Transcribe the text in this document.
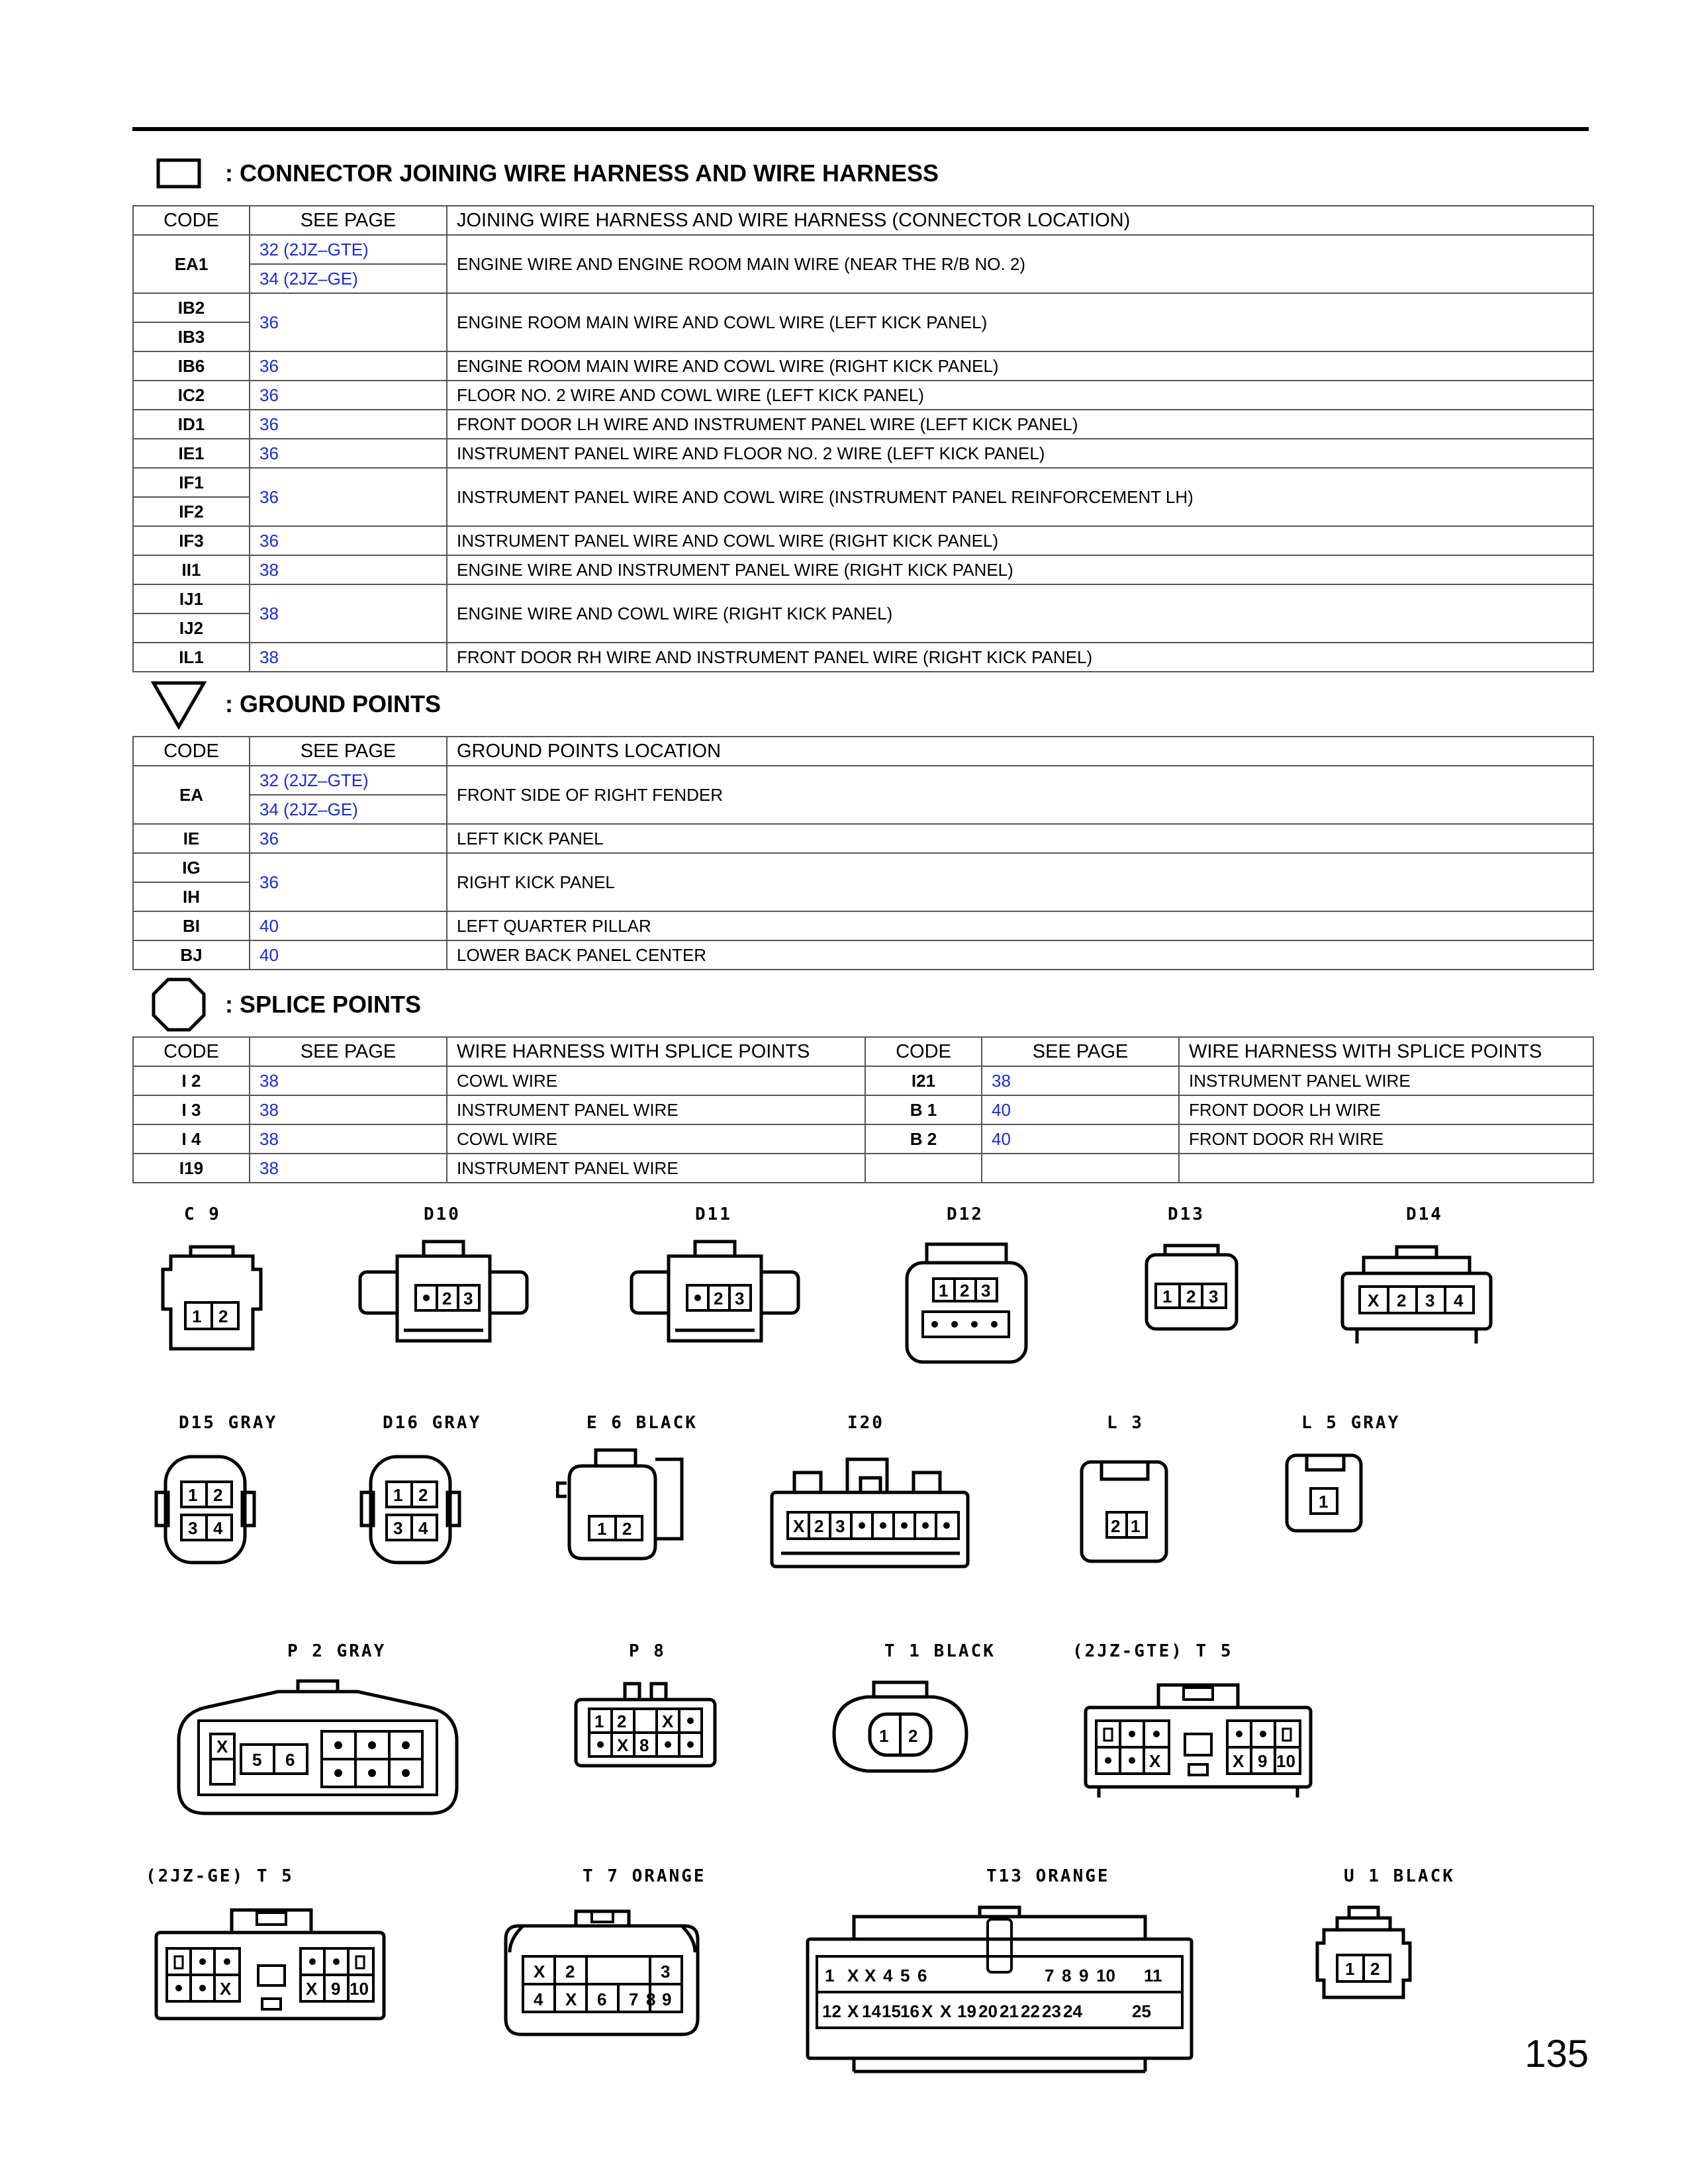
: CONNECTOR JOINING WIRE HARNESS AND WIRE HARNESS
CODE	SEE PAGE	JOINING WIRE HARNESS AND WIRE HARNESS (CONNECTOR LOCATION)
EA1	32 (2JZ–GTE)	ENGINE WIRE AND ENGINE ROOM MAIN WIRE (NEAR THE R/B NO. 2)
	34 (2JZ–GE)	
IB2	36	ENGINE ROOM MAIN WIRE AND COWL WIRE (LEFT KICK PANEL)
IB3		
IB6	36	ENGINE ROOM MAIN WIRE AND COWL WIRE (RIGHT KICK PANEL)
IC2	36	FLOOR NO. 2 WIRE AND COWL WIRE (LEFT KICK PANEL)
ID1	36	FRONT DOOR LH WIRE AND INSTRUMENT PANEL WIRE (LEFT KICK PANEL)
IE1	36	INSTRUMENT PANEL WIRE AND FLOOR NO. 2 WIRE (LEFT KICK PANEL)
IF1	36	INSTRUMENT PANEL WIRE AND COWL WIRE (INSTRUMENT PANEL REINFORCEMENT LH)
IF2		
IF3	36	INSTRUMENT PANEL WIRE AND COWL WIRE (RIGHT KICK PANEL)
II1	38	ENGINE WIRE AND INSTRUMENT PANEL WIRE (RIGHT KICK PANEL)
IJ1	38	ENGINE WIRE AND COWL WIRE (RIGHT KICK PANEL)
IJ2		
IL1	38	FRONT DOOR RH WIRE AND INSTRUMENT PANEL WIRE (RIGHT KICK PANEL)
: GROUND POINTS
CODE	SEE PAGE	GROUND POINTS LOCATION
EA	32 (2JZ–GTE)	FRONT SIDE OF RIGHT FENDER
	34 (2JZ–GE)	
IE	36	LEFT KICK PANEL
IG	36	RIGHT KICK PANEL
IH		
BI	40	LEFT QUARTER PILLAR
BJ	40	LOWER BACK PANEL CENTER
: SPLICE POINTS
CODE	SEE PAGE	WIRE HARNESS WITH SPLICE POINTS	CODE	SEE PAGE	WIRE HARNESS WITH SPLICE POINTS
I 2	38	COWL WIRE	I21	38	INSTRUMENT PANEL WIRE
I 3	38	INSTRUMENT PANEL WIRE	B 1	40	FRONT DOOR LH WIRE
I 4	38	COWL WIRE	B 2	40	FRONT DOOR RH WIRE
I19	38	INSTRUMENT PANEL WIRE			
C 9
1 2
D10
2 3
D11
2 3
D12
1 2 3
D13
1 2 3
D14
X 2 3 4
D15 GRAY
1 2
3 4
D16 GRAY
1 2
3 4
E 6 BLACK
1 2
I20
X 2 3
L 3
2 1
L 5 GRAY
1
P 2 GRAY
X
5 6
P 8
1 2 X
X 8
T 1 BLACK
1 2
(2JZ-GTE) T 5
X	X 9 10
(2JZ-GE) T 5
X	X 9 10
T 7 ORANGE
X 2	3
4 X 6 7 8 9
T13 ORANGE
1 X X 4 5 6	7 8 9 10 11
12 X 14 15 16 X X 19 20 21 22 23 24	25
U 1 BLACK
1 2
135
